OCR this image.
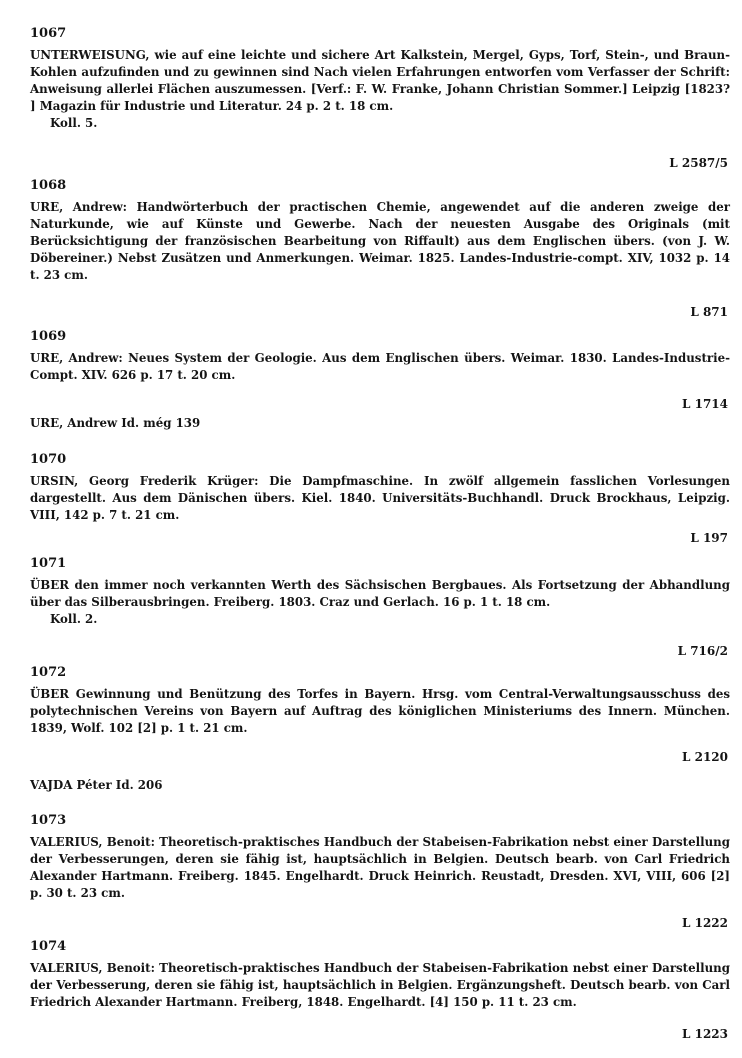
1067

UNTERWEISUNG, wie auf eine leichte und sichere Art Kalkstein, Mergel, Gyps, Torf, Stein-, und Braun-Kohlen aufzufinden und zu gewinnen sind Nach vielen Erfahrungen entworfen vom Verfasser der Schrift: Anweisung allerlei Flächen auszumessen. [Verf.: F. W. Franke, Johann Christian Sommer.] Leipzig [1823? ] Magazin für Industrie und Literatur. 24 p. 2 t. 18 cm.

Koll. 5.
L 2587/5
1068

URE, Andrew: Handwörterbuch der practischen Chemie, angewendet auf die anderen zweige der Naturkunde, wie auf Künste und Gewerbe. Nach der neuesten Ausgabe des Originals (mit Berücksichtigung der französischen Bearbeitung von Riffault) aus dem Englischen übers. (von J. W. Döbereiner.) Nebst Zusätzen und Anmerkungen. Weimar. 1825. Landes-Industrie-compt. XIV, 1032 p. 14 t. 23 cm.

L 871
1069

URE, Andrew: Neues System der Geologie. Aus dem Englischen übers. Weimar. 1830. Landes-Industrie-Compt. XIV. 626 p. 17 t. 20 cm.

L 1714
URE, Andrew Id. még 139
1070

URSIN, Georg Frederik Krüger: Die Dampfmaschine. In zwölf allgemein fasslichen Vorlesungen dargestellt. Aus dem Dänischen übers. Kiel. 1840. Universitäts-Buchhandl. Druck Brockhaus, Leipzig. VIII, 142 p. 7 t. 21 cm.

L 197
1071

ÜBER den immer noch verkannten Werth des Sächsischen Bergbaues. Als Fortsetzung der Abhandlung über das Silberausbringen. Freiberg. 1803. Craz und Gerlach. 16 p. 1 t. 18 cm.

Koll. 2.
L 716/2
1072

ÜBER Gewinnung und Benützung des Torfes in Bayern. Hrsg. vom Central-Verwaltungsausschuss des polytechnischen Vereins von Bayern auf Auftrag des königlichen Ministeriums des Innern. München. 1839, Wolf. 102 [2] p. 1 t. 21 cm.

L 2120
VAJDA Péter Id. 206
1073

VALERIUS, Benoit: Theoretisch-praktisches Handbuch der Stabeisen-Fabrikation nebst einer Darstellung der Verbesserungen, deren sie fähig ist, hauptsächlich in Belgien. Deutsch bearb. von Carl Friedrich Alexander Hartmann. Freiberg. 1845. Engelhardt. Druck Heinrich. Reustadt, Dresden. XVI, VIII, 606 [2] p. 30 t. 23 cm.

L 1222
1074

VALERIUS, Benoit: Theoretisch-praktisches Handbuch der Stabeisen-Fabrikation nebst einer Darstellung der Verbesserung, deren sie fähig ist, hauptsächlich in Belgien. Ergänzungsheft. Deutsch bearb. von Carl Friedrich Alexander Hartmann. Freiberg, 1848. Engelhardt. [4] 150 p. 11 t. 23 cm.

L 1223
